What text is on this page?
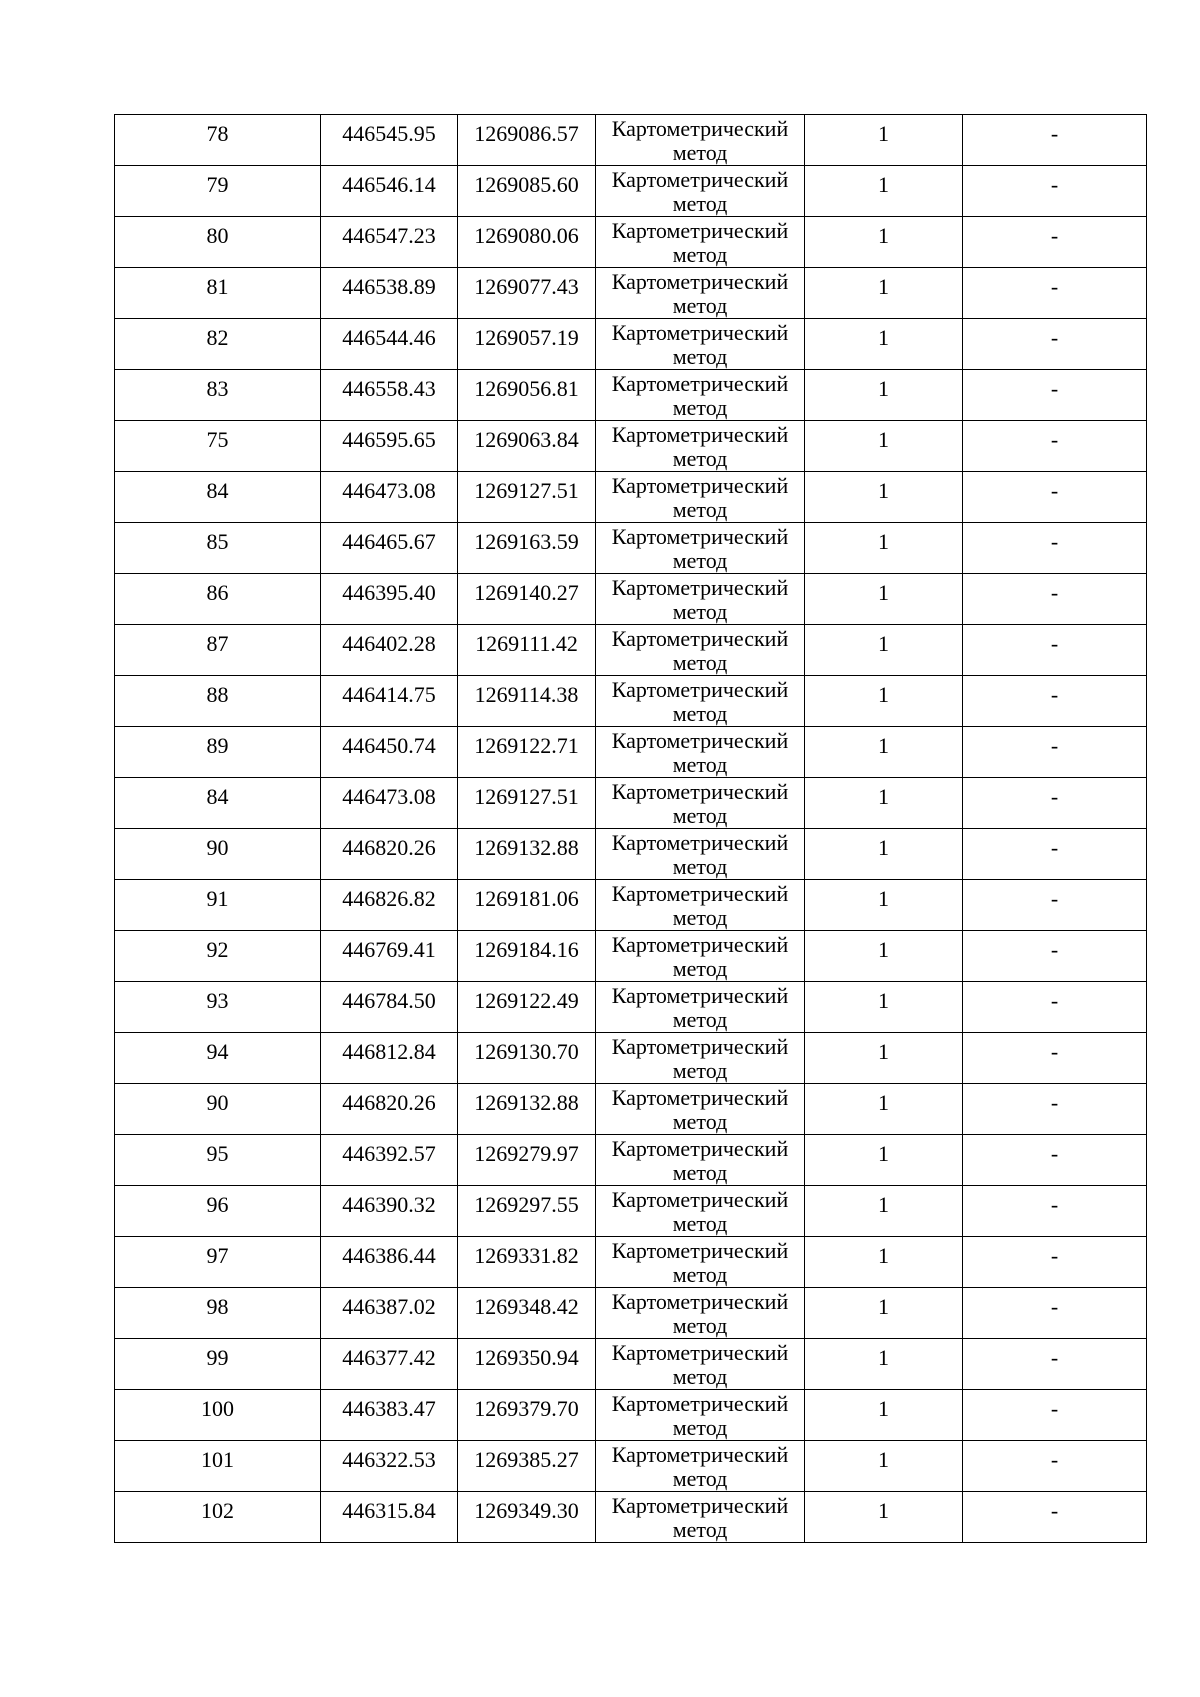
78	446545.95	1269086.57	Картометрический
метод	1	-
79	446546.14	1269085.60	Картометрический
метод	1	-
80	446547.23	1269080.06	Картометрический
метод	1	-
81	446538.89	1269077.43	Картометрический
метод	1	-
82	446544.46	1269057.19	Картометрический
метод	1	-
83	446558.43	1269056.81	Картометрический
метод	1	-
75	446595.65	1269063.84	Картометрический
метод	1	-
84	446473.08	1269127.51	Картометрический
метод	1	-
85	446465.67	1269163.59	Картометрический
метод	1	-
86	446395.40	1269140.27	Картометрический
метод	1	-
87	446402.28	1269111.42	Картометрический
метод	1	-
88	446414.75	1269114.38	Картометрический
метод	1	-
89	446450.74	1269122.71	Картометрический
метод	1	-
84	446473.08	1269127.51	Картометрический
метод	1	-
90	446820.26	1269132.88	Картометрический
метод	1	-
91	446826.82	1269181.06	Картометрический
метод	1	-
92	446769.41	1269184.16	Картометрический
метод	1	-
93	446784.50	1269122.49	Картометрический
метод	1	-
94	446812.84	1269130.70	Картометрический
метод	1	-
90	446820.26	1269132.88	Картометрический
метод	1	-
95	446392.57	1269279.97	Картометрический
метод	1	-
96	446390.32	1269297.55	Картометрический
метод	1	-
97	446386.44	1269331.82	Картометрический
метод	1	-
98	446387.02	1269348.42	Картометрический
метод	1	-
99	446377.42	1269350.94	Картометрический
метод	1	-
100	446383.47	1269379.70	Картометрический
метод	1	-
101	446322.53	1269385.27	Картометрический
метод	1	-
102	446315.84	1269349.30	Картометрический
метод	1	-
